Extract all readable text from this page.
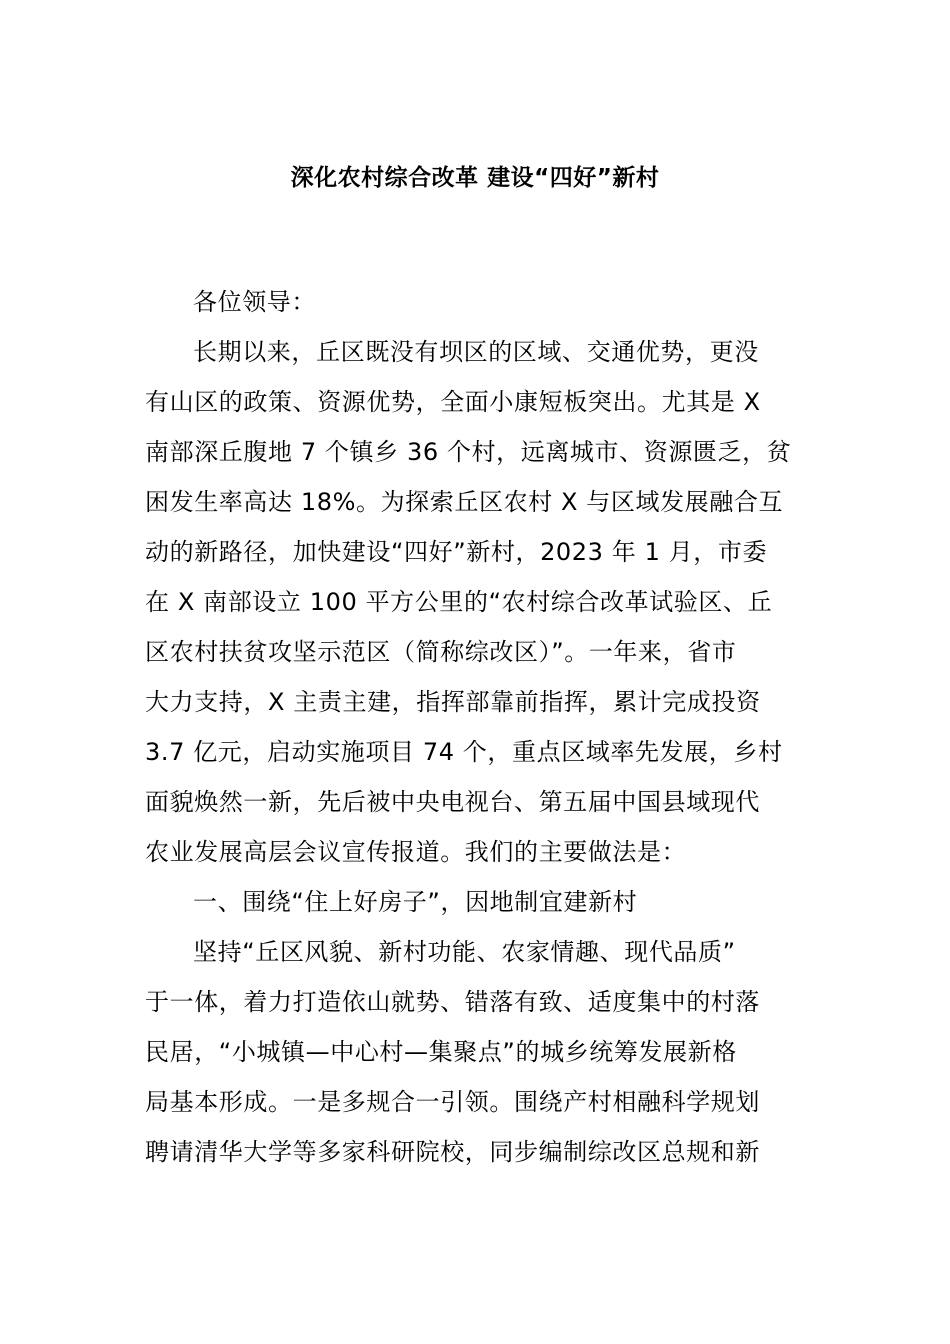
深化农村综合改革 建设“四好”新村
各位领导：
长期以来，丘区既没有坝区的区域、交通优势，更没
有山区的政策、资源优势，全面小康短板突出。尤其是 X
南部深丘腹地 7 个镇乡 36 个村，远离城市、资源匮乏，贫
困发生率高达 18%。为探索丘区农村 X 与区域发展融合互
动的新路径，加快建设“四好”新村，2023 年 1 月，市委
在 X 南部设立 100 平方公里的“农村综合改革试验区、丘
区农村扶贫攻坚示范区（简称综改区）”。一年来，省市
大力支持，X 主责主建，指挥部靠前指挥，累计完成投资
3.7 亿元，启动实施项目 74 个，重点区域率先发展，乡村
面貌焕然一新，先后被中央电视台、第五届中国县域现代
农业发展高层会议宣传报道。我们的主要做法是：
一、围绕“住上好房子”，因地制宜建新村
坚持“丘区风貌、新村功能、农家情趣、现代品质”
于一体，着力打造依山就势、错落有致、适度集中的村落
民居，“小城镇—中心村—集聚点”的城乡统筹发展新格
局基本形成。一是多规合一引领。围绕产村相融科学规划
聘请清华大学等多家科研院校，同步编制综改区总规和新
